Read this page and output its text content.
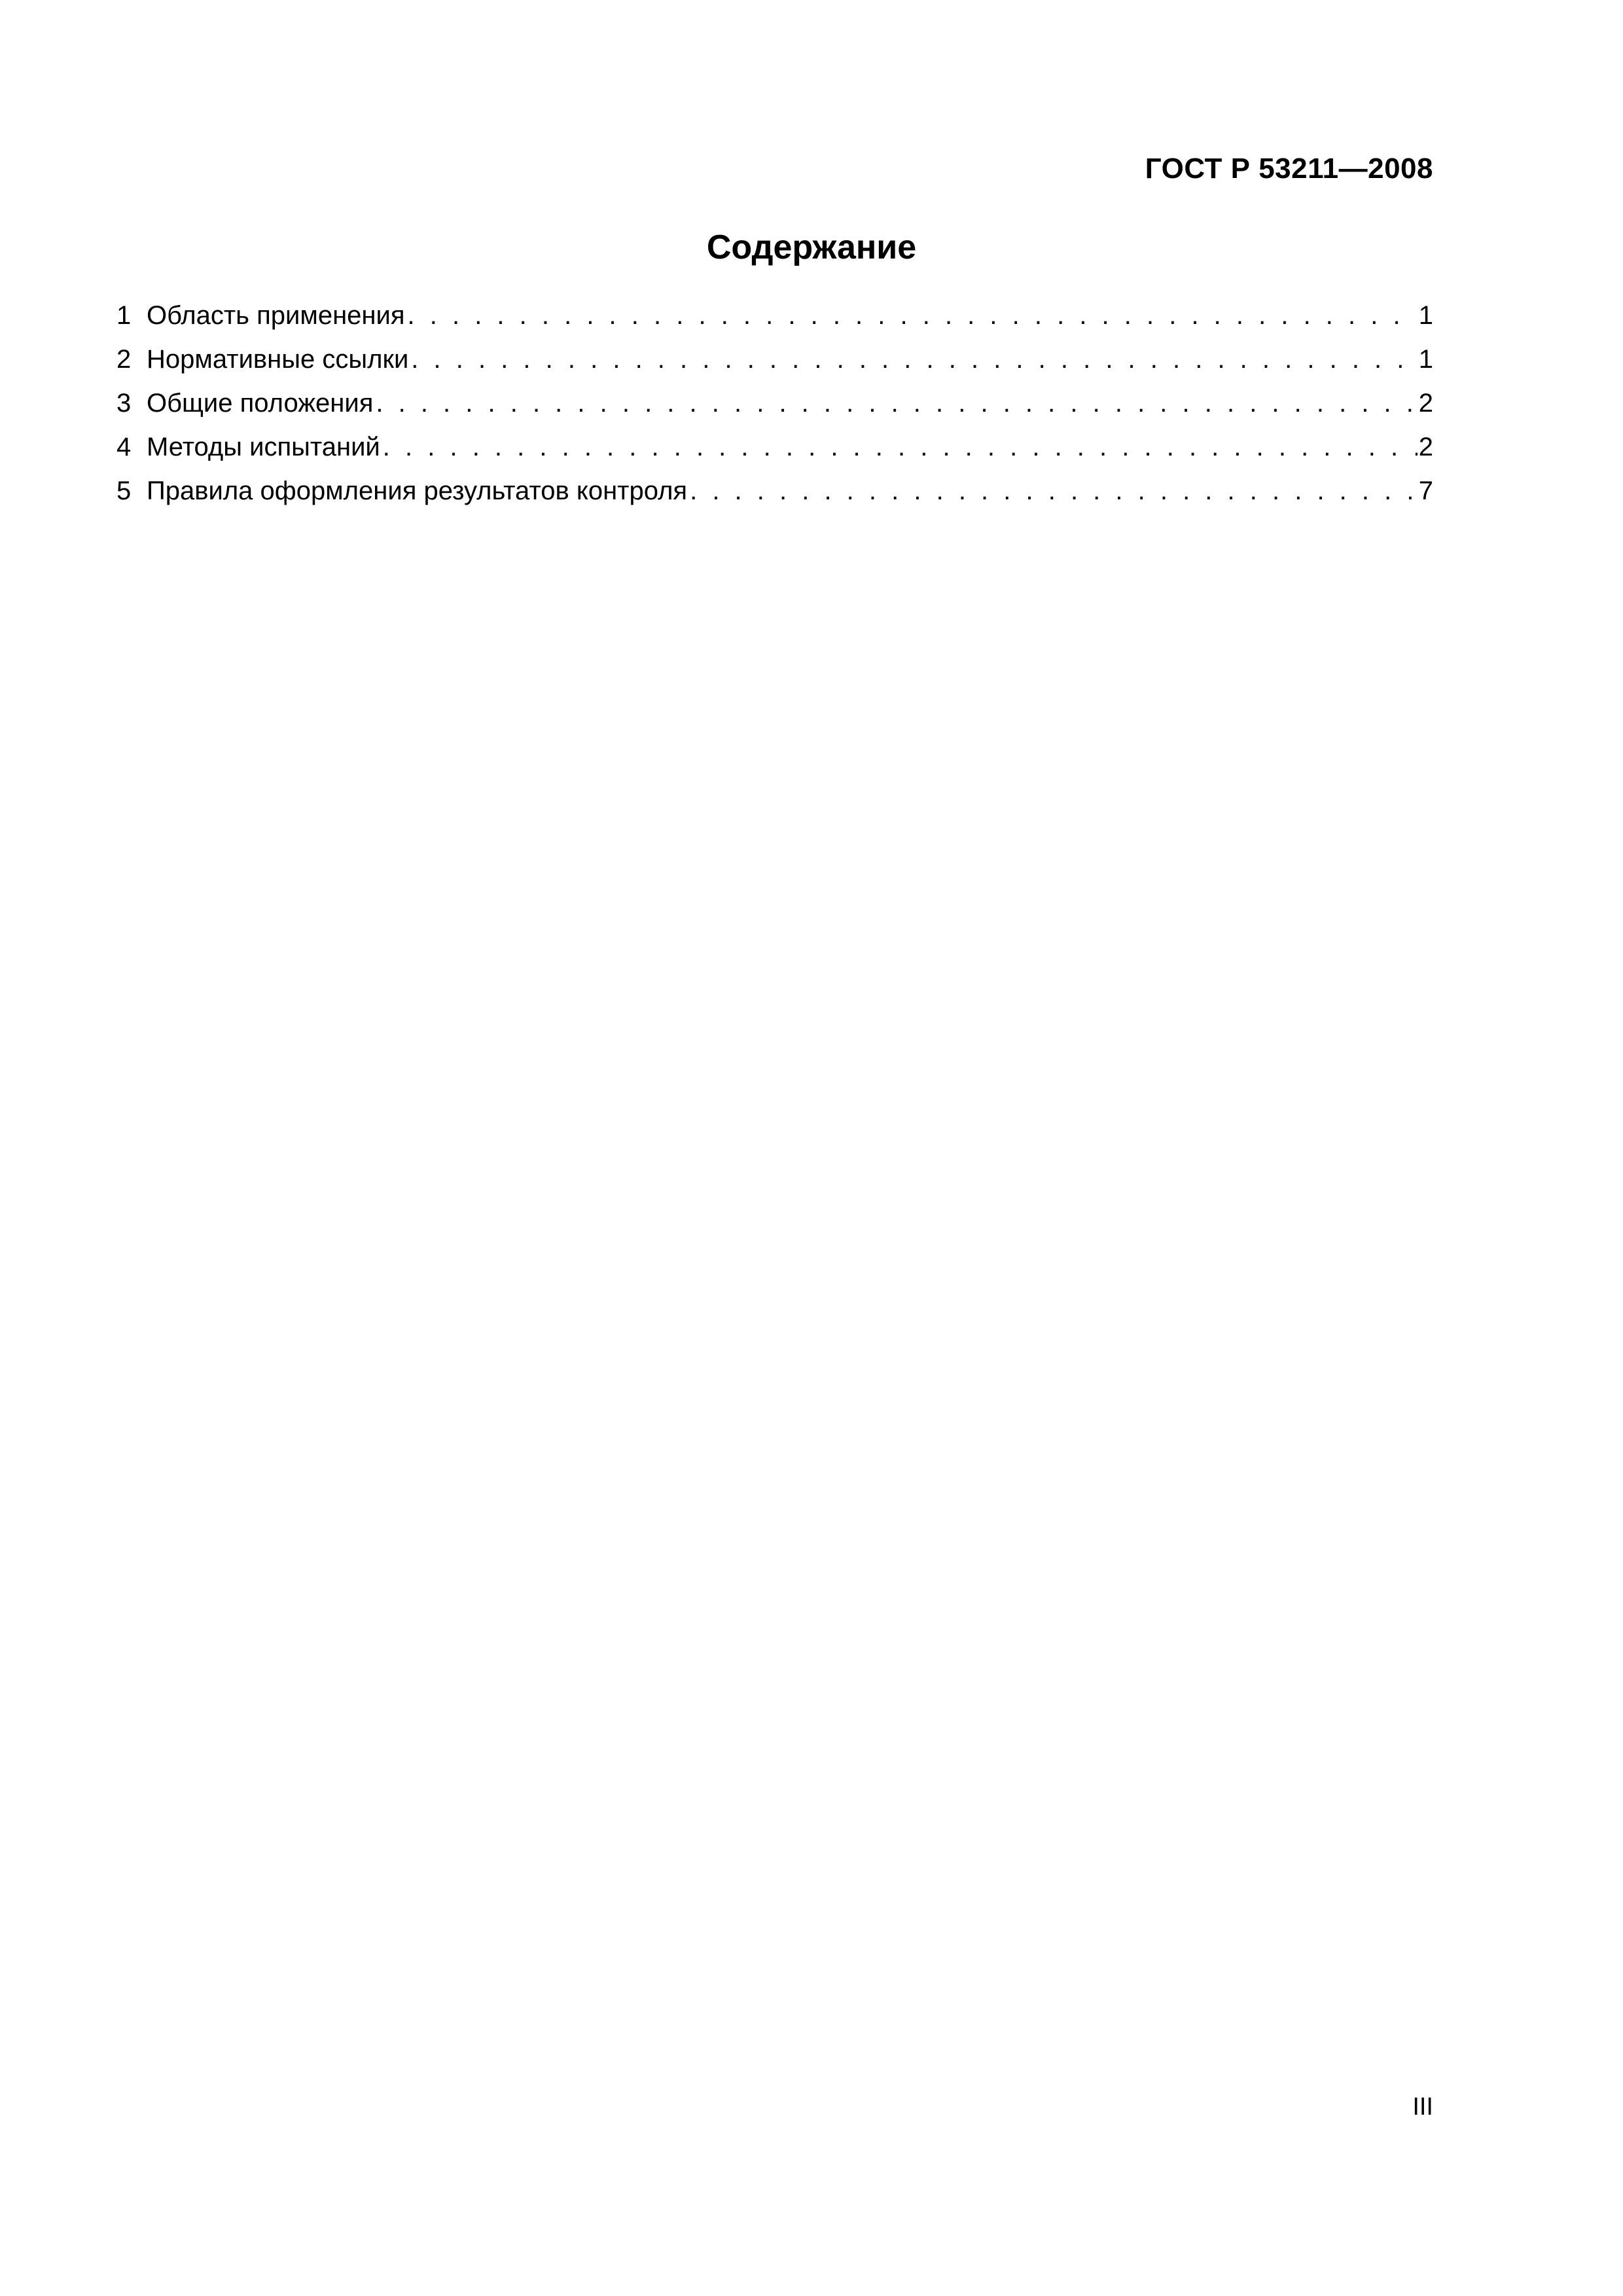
ГОСТ Р 53211—2008
Содержание
1 Область применения . . .	1
2 Нормативные ссылки . . .	1
3 Общие положения . . .	2
4 Методы испытаний . . .	2
5 Правила оформления результатов контроля . . .	7
III
